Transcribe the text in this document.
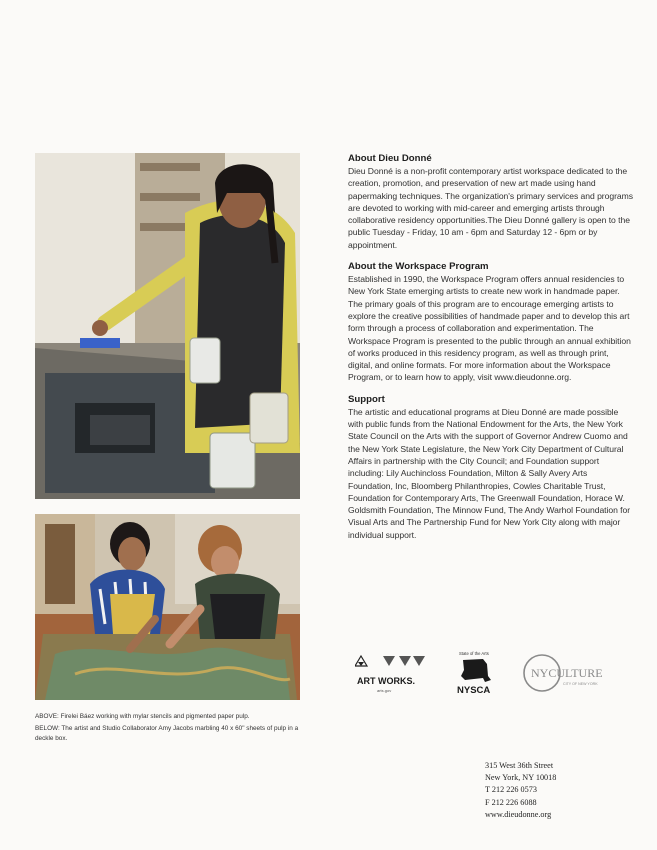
ABOVE: Firelei Báez working with mylar stencils and pigmented paper pulp.

BELOW: The artist and Studio Collaborator Amy Jacobs marbling 40 x 60" sheets of pulp in a deckle box.

About Dieu Donné

Dieu Donné is a non-profit contemporary artist workspace dedicated to the creation, promotion, and preservation of new art made using hand papermaking techniques. The organization's primary services and programs are devoted to working with mid-career and emerging artists through collaborative residency opportunities.The Dieu Donné gallery is open to the public Tuesday - Friday, 10 am - 6pm and Saturday 12 - 6pm or by appointment.

About the Workspace Program

Established in 1990, the Workspace Program offers annual residencies to New York State emerging artists to create new work in handmade paper. The primary goals of this program are to encourage emerging artists to explore the creative possibilities of handmade paper and to develop this art form through a process of collaboration and experimentation. The Workspace Program is presented to the public through an annual exhibition of works produced in this residency program, as well as through print, digital, and online formats. For more information about the Workspace Program, or to learn how to apply, visit www.dieudonne.org.

Support

The artistic and educational programs at Dieu Donné are made possible with public funds from the National Endowment for the Arts, the New York State Council on the Arts with the support of Governor Andrew Cuomo and the New York State Legislature, the New York City Department of Cultural Affairs in partnership with the City Council; and Foundation support including: Lily Auchincloss Foundation, Milton & Sally Avery Arts Foundation, Inc, Bloomberg Philanthropies, Cowles Charitable Trust, Foundation for Contemporary Arts, The Greenwall Foundation, Horace W. Goldsmith Foundation, The Minnow Fund, The Andy Warhol Foundation for Visual Arts and The Partnership Fund for New York City along with major individual support.

ART WORKS.
arts.gov
State of the Arts
NYSCA
NYCULTURE
CITY OF NEW YORK
315 West 36th Street
New York, NY 10018
T 212 226 0573
F 212 226 6088
www.dieudonne.org
